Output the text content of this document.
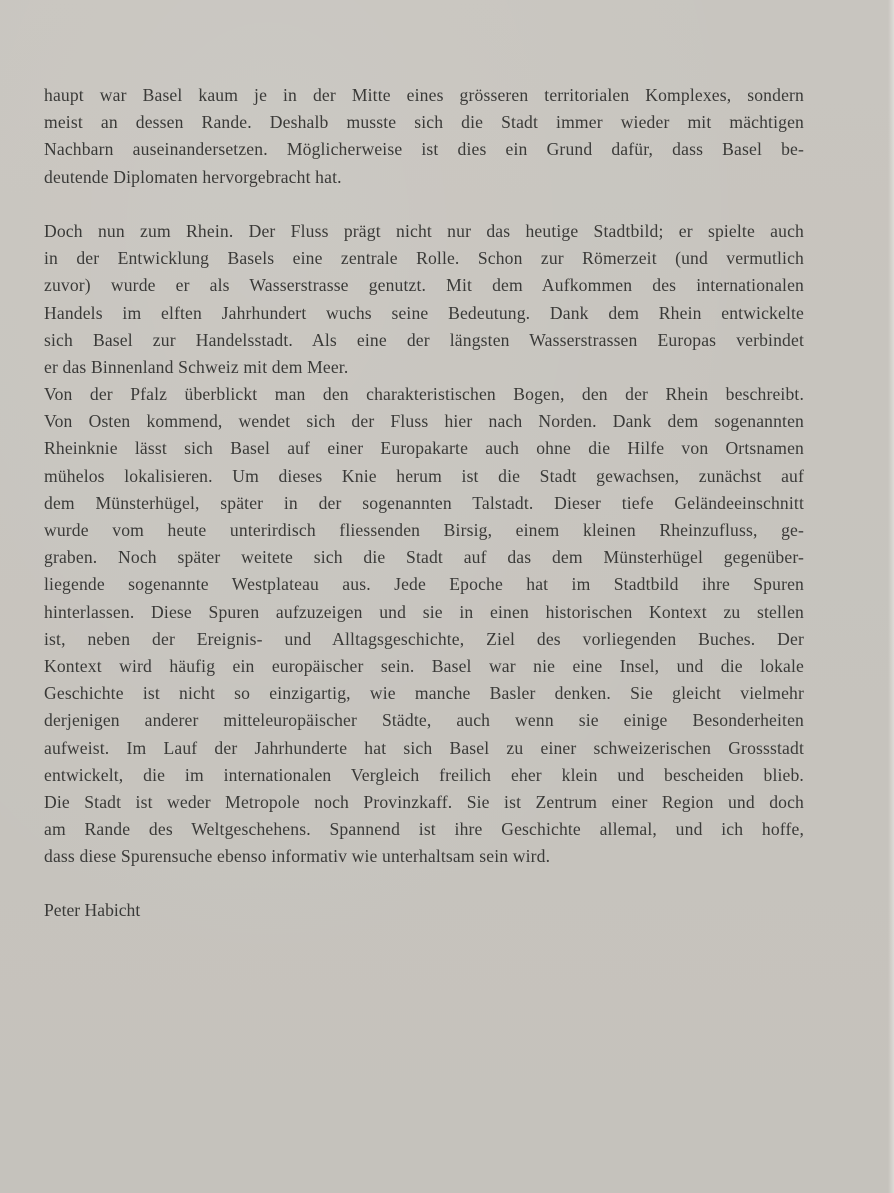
haupt war Basel kaum je in der Mitte eines grösseren territorialen Komplexes, sondern
meist an dessen Rande. Deshalb musste sich die Stadt immer wieder mit mächtigen
Nachbarn auseinandersetzen. Möglicherweise ist dies ein Grund dafür, dass Basel be-
deutende Diplomaten hervorgebracht hat.
Doch nun zum Rhein. Der Fluss prägt nicht nur das heutige Stadtbild; er spielte auch
in der Entwicklung Basels eine zentrale Rolle. Schon zur Römerzeit (und vermutlich
zuvor) wurde er als Wasserstrasse genutzt. Mit dem Aufkommen des internationalen
Handels im elften Jahrhundert wuchs seine Bedeutung. Dank dem Rhein entwickelte
sich Basel zur Handelsstadt. Als eine der längsten Wasserstrassen Europas verbindet
er das Binnenland Schweiz mit dem Meer.
Von der Pfalz überblickt man den charakteristischen Bogen, den der Rhein beschreibt.
Von Osten kommend, wendet sich der Fluss hier nach Norden. Dank dem sogenannten
Rheinknie lässt sich Basel auf einer Europakarte auch ohne die Hilfe von Ortsnamen
mühelos lokalisieren. Um dieses Knie herum ist die Stadt gewachsen, zunächst auf
dem Münsterhügel, später in der sogenannten Talstadt. Dieser tiefe Geländeeinschnitt
wurde vom heute unterirdisch fliessenden Birsig, einem kleinen Rheinzufluss, ge-
graben. Noch später weitete sich die Stadt auf das dem Münsterhügel gegenüber-
liegende sogenannte Westplateau aus. Jede Epoche hat im Stadtbild ihre Spuren
hinterlassen. Diese Spuren aufzuzeigen und sie in einen historischen Kontext zu stellen
ist, neben der Ereignis- und Alltagsgeschichte, Ziel des vorliegenden Buches. Der
Kontext wird häufig ein europäischer sein. Basel war nie eine Insel, und die lokale
Geschichte ist nicht so einzigartig, wie manche Basler denken. Sie gleicht vielmehr
derjenigen anderer mitteleuropäischer Städte, auch wenn sie einige Besonderheiten
aufweist. Im Lauf der Jahrhunderte hat sich Basel zu einer schweizerischen Grossstadt
entwickelt, die im internationalen Vergleich freilich eher klein und bescheiden blieb.
Die Stadt ist weder Metropole noch Provinzkaff. Sie ist Zentrum einer Region und doch
am Rande des Weltgeschehens. Spannend ist ihre Geschichte allemal, und ich hoffe,
dass diese Spurensuche ebenso informativ wie unterhaltsam sein wird.
Peter Habicht
